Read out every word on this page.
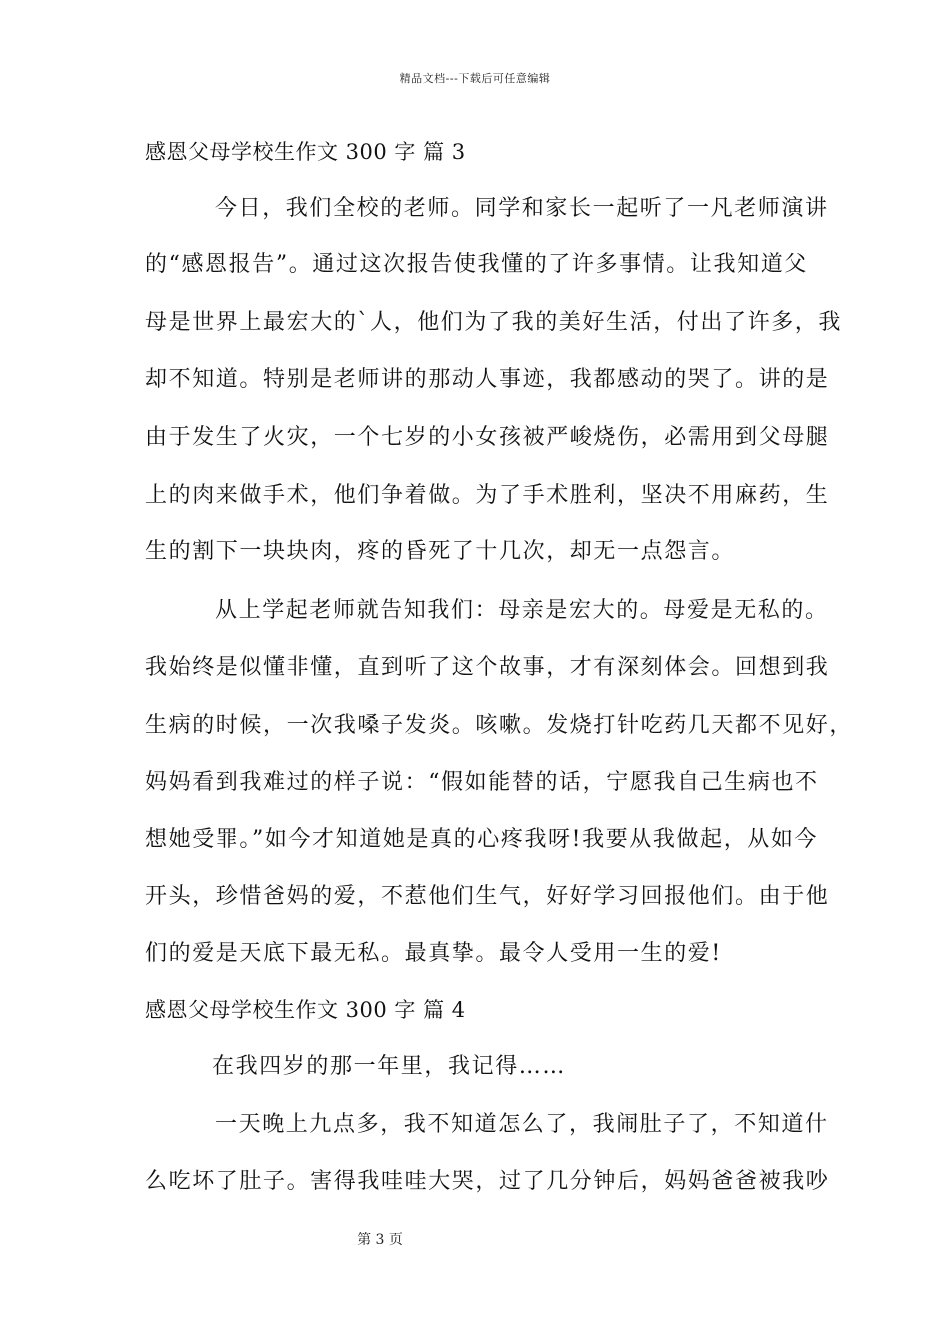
精品文档---下载后可任意编辑
感恩父母学校生作文 300 字 篇 3
今日，我们全校的老师。同学和家长一起听了一凡老师演讲
的“感恩报告”。通过这次报告使我懂的了许多事情。让我知道父
母是世界上最宏大的`人，他们为了我的美好生活，付出了许多，我
却不知道。特别是老师讲的那动人事迹，我都感动的哭了。讲的是
由于发生了火灾，一个七岁的小女孩被严峻烧伤，必需用到父母腿
上的肉来做手术，他们争着做。为了手术胜利，坚决不用麻药，生
生的割下一块块肉，疼的昏死了十几次，却无一点怨言。
从上学起老师就告知我们：母亲是宏大的。母爱是无私的。
我始终是似懂非懂，直到听了这个故事，才有深刻体会。回想到我
生病的时候，一次我嗓子发炎。咳嗽。发烧打针吃药几天都不见好，
妈妈看到我难过的样子说：“假如能替的话，宁愿我自己生病也不
想她受罪。”如今才知道她是真的心疼我呀!我要从我做起，从如今
开头，珍惜爸妈的爱，不惹他们生气，好好学习回报他们。由于他
们的爱是天底下最无私。最真挚。最令人受用一生的爱!
感恩父母学校生作文 300 字 篇 4
在我四岁的那一年里，我记得……
一天晚上九点多，我不知道怎么了，我闹肚子了，不知道什
么吃坏了肚子。害得我哇哇大哭，过了几分钟后，妈妈爸爸被我吵
第 3 页
